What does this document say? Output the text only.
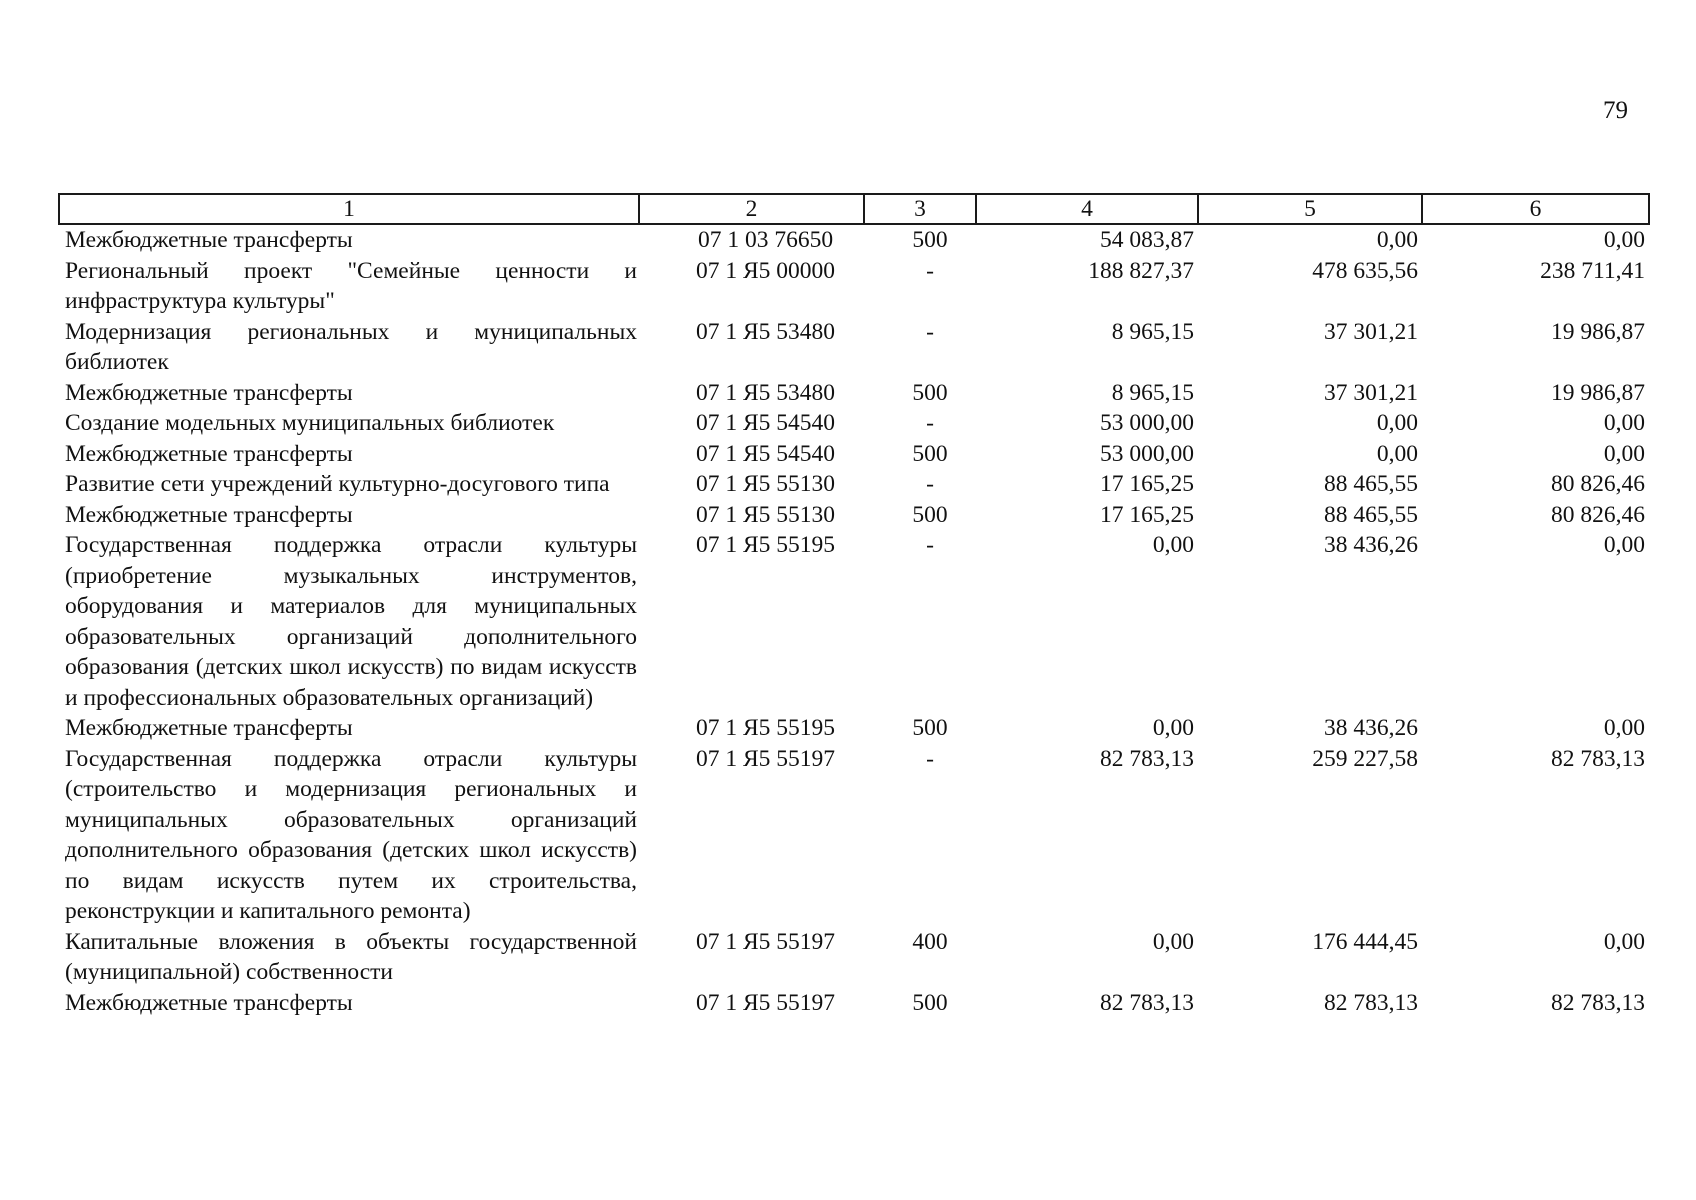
79
1	2	3	4	5	6
Межбюджетные трансферты	07 1 03 76650	500	54 083,87	0,00	0,00
Региональный проект "Семейные ценности и инфраструктура культуры"	07 1 Я5 00000	-	188 827,37	478 635,56	238 711,41
Модернизация региональных и муниципальных библиотек	07 1 Я5 53480	-	8 965,15	37 301,21	19 986,87
Межбюджетные трансферты	07 1 Я5 53480	500	8 965,15	37 301,21	19 986,87
Создание модельных муниципальных библиотек	07 1 Я5 54540	-	53 000,00	0,00	0,00
Межбюджетные трансферты	07 1 Я5 54540	500	53 000,00	0,00	0,00
Развитие сети учреждений культурно-досугового типа	07 1 Я5 55130	-	17 165,25	88 465,55	80 826,46
Межбюджетные трансферты	07 1 Я5 55130	500	17 165,25	88 465,55	80 826,46
Государственная поддержка отрасли культуры (приобретение музыкальных инструментов, оборудования и материалов для муниципальных образовательных организаций дополнительного образования (детских школ искусств) по видам искусств и профессиональных образовательных организаций)	07 1 Я5 55195	-	0,00	38 436,26	0,00
Межбюджетные трансферты	07 1 Я5 55195	500	0,00	38 436,26	0,00
Государственная поддержка отрасли культуры (строительство и модернизация региональных и муниципальных образовательных организаций дополнительного образования (детских школ искусств) по видам искусств путем их строительства, реконструкции и капитального ремонта)	07 1 Я5 55197	-	82 783,13	259 227,58	82 783,13
Капитальные вложения в объекты государственной (муниципальной) собственности	07 1 Я5 55197	400	0,00	176 444,45	0,00
Межбюджетные трансферты	07 1 Я5 55197	500	82 783,13	82 783,13	82 783,13
